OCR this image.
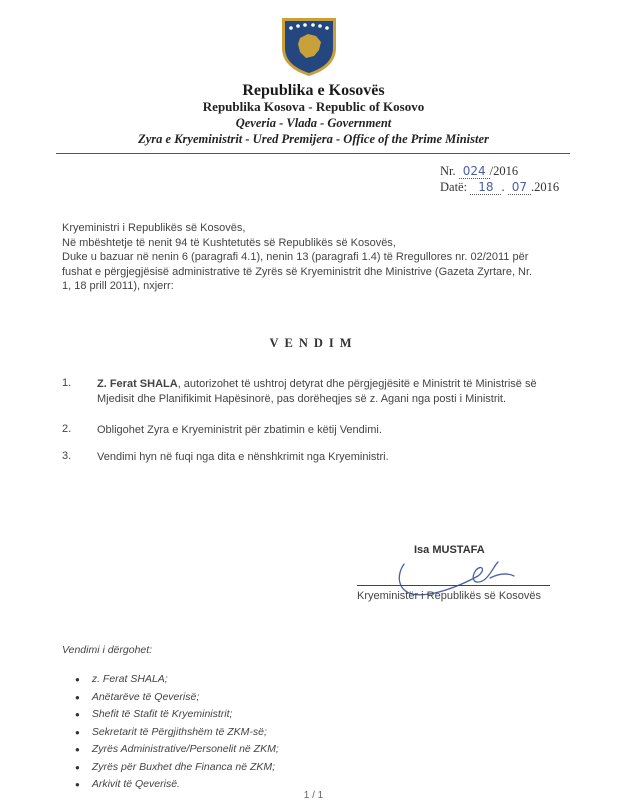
Republika e Kosovës
Republika Kosova - Republic of Kosovo
Qeveria - Vlada - Government
Zyra e Kryeministrit - Ured Premijera - Office of the Prime Minister
Nr. 024 /2016
Datë: 18 . 07 .2016
Kryeministri i Republikës së Kosovës,
Në mbështetje të nenit 94 të Kushtetutës së Republikës së Kosovës,
Duke u bazuar në nenin 6 (paragrafi 4.1), nenin 13 (paragrafi 1.4) të Rregullores nr. 02/2011 për
fushat e përgjegjësisë administrative të Zyrës së Kryeministrit dhe Ministrive (Gazeta Zyrtare, Nr.
1, 18 prill 2011), nxjerr:
VENDIM
1. Z. Ferat SHALA, autorizohet të ushtroj detyrat dhe përgjegjësitë e Ministrit të Ministrisë së
Mjedisit dhe Planifikimit Hapësinorë, pas dorëheqjes së z. Agani nga posti i Ministrit.
2. Obligohet Zyra e Kryeministrit për zbatimin e këtij Vendimi.
3. Vendimi hyn në fuqi nga dita e nënshkrimit nga Kryeministri.
Isa MUSTAFA
Kryeministër i Republikës së Kosovës
Vendimi i dërgohet:
● z. Ferat SHALA;
● Anëtarëve të Qeverisë;
● Shefit të Stafit të Kryeministrit;
● Sekretarit të Përgjithshëm të ZKM-së;
● Zyrës Administrative/Personelit në ZKM;
● Zyrës për Buxhet dhe Financa në ZKM;
● Arkivit të Qeverisë.
1 / 1
